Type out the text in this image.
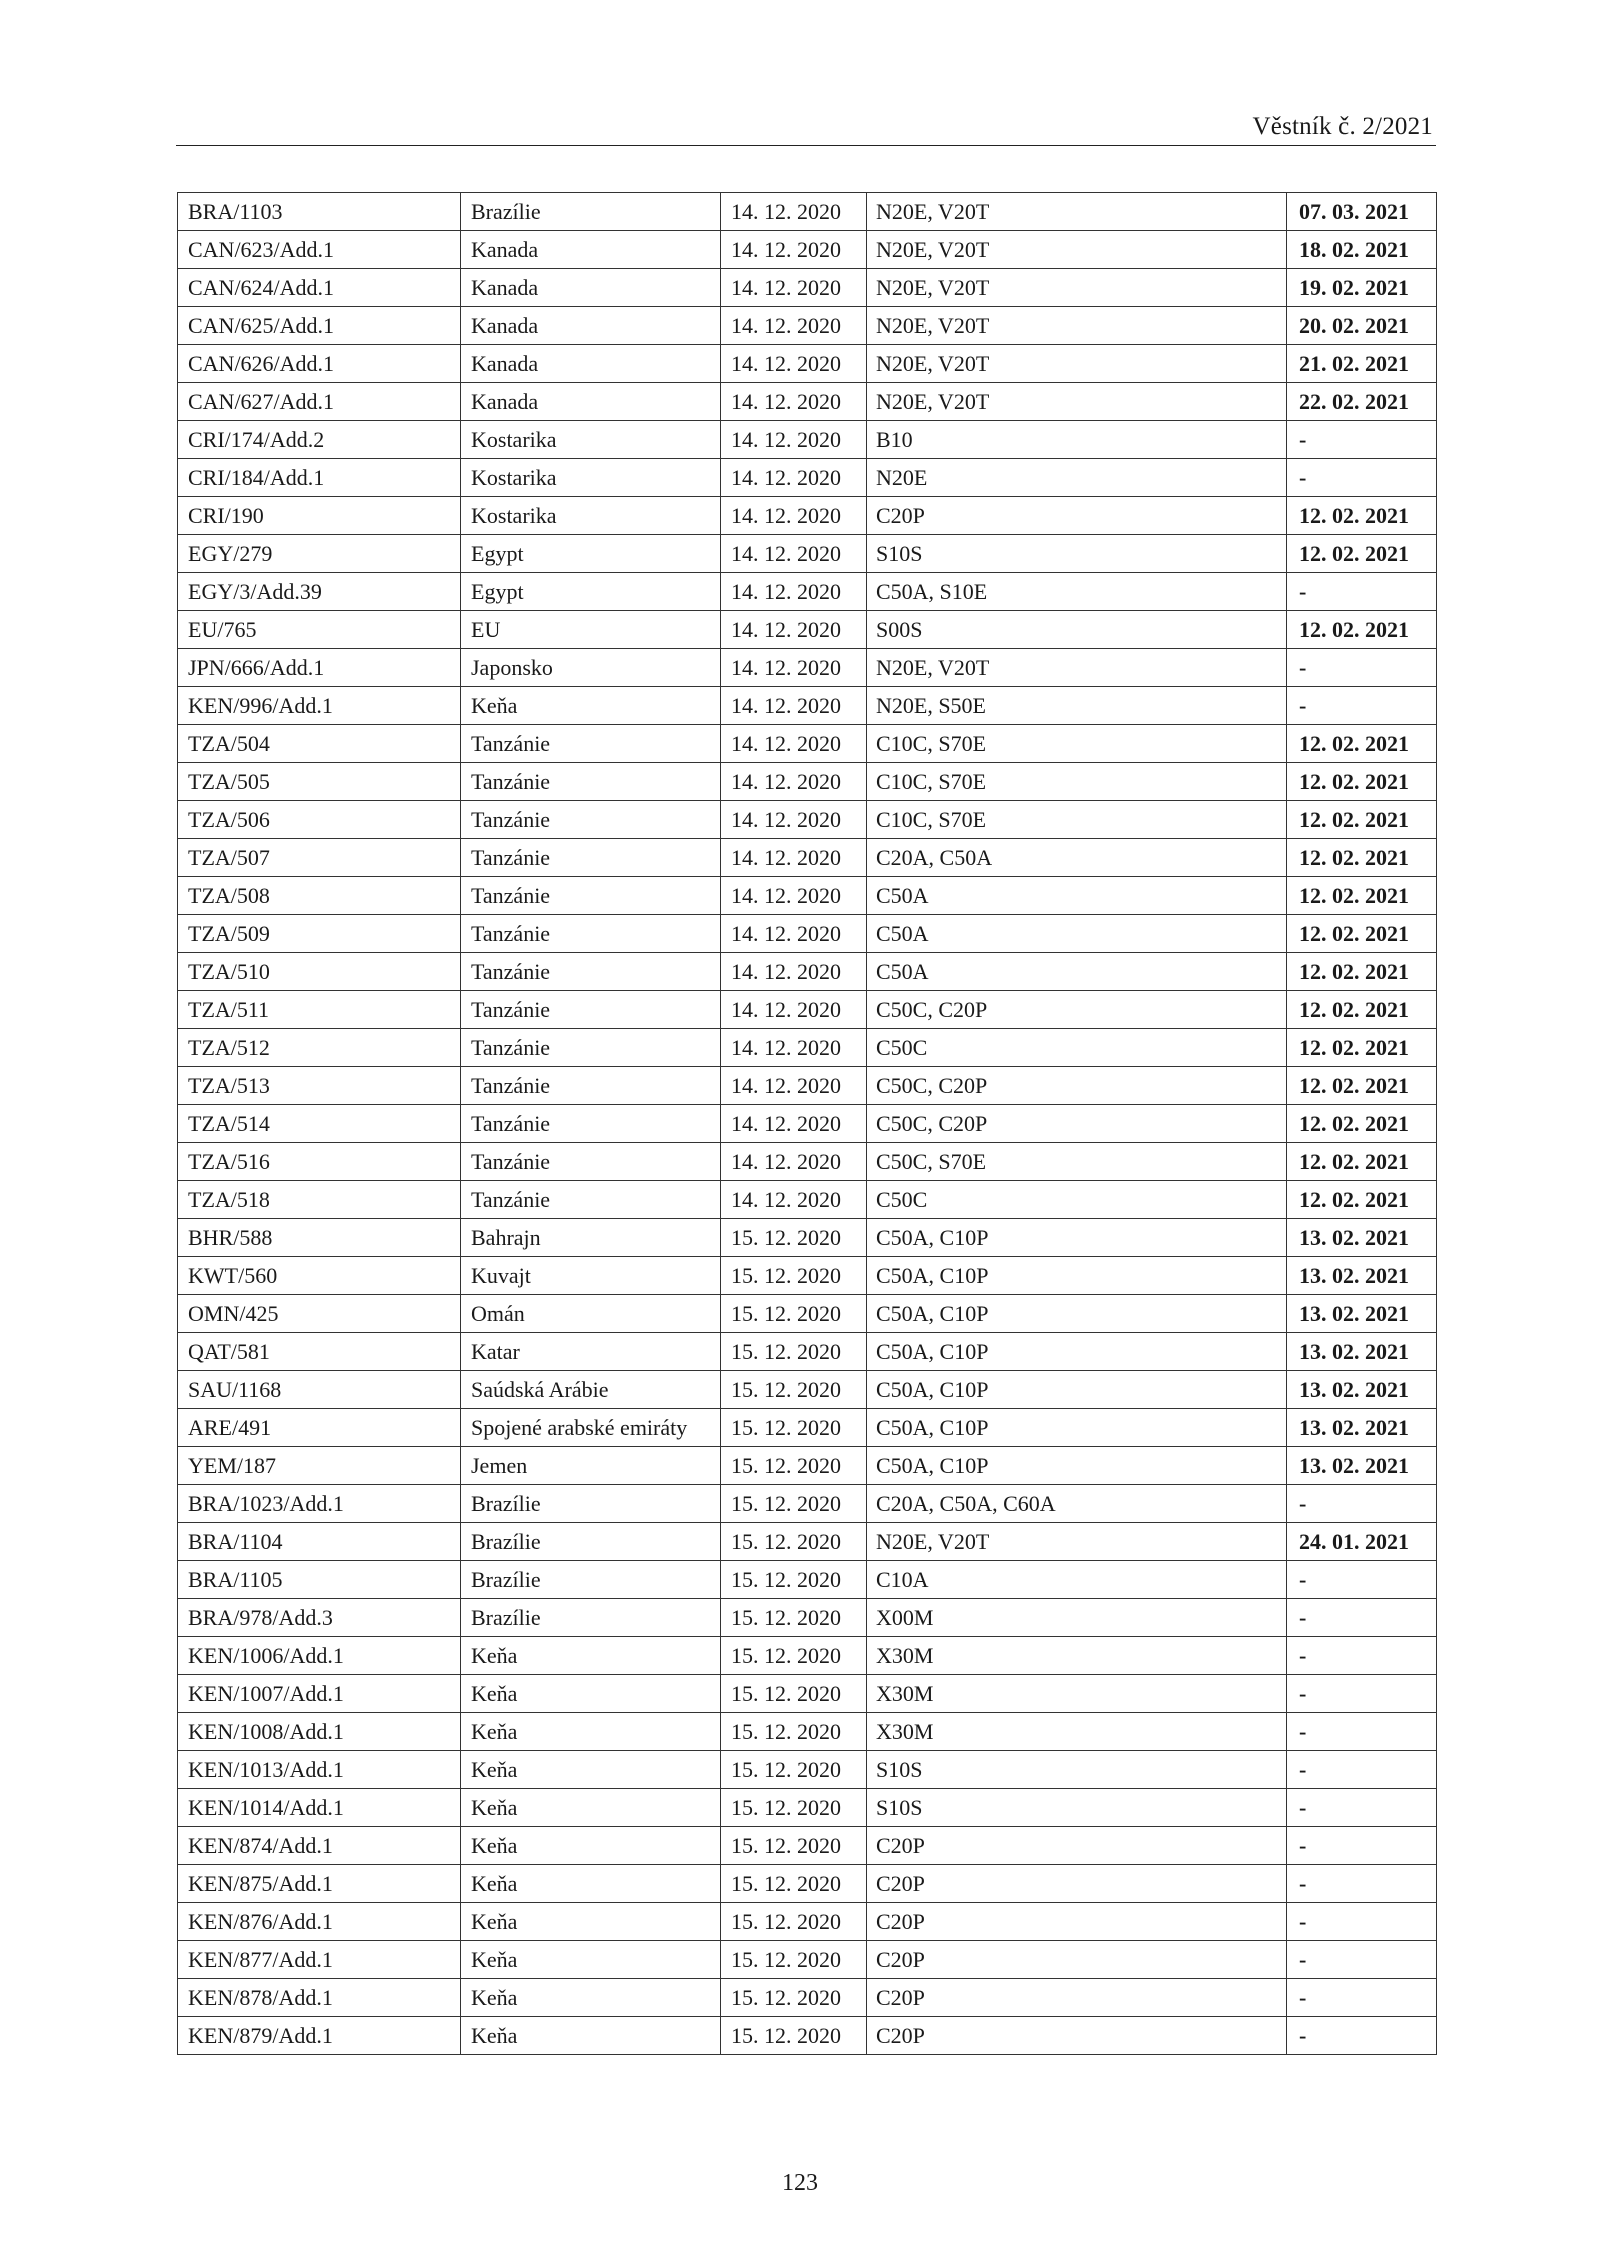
Věstník č. 2/2021
BRA/1103	Brazílie	14. 12. 2020	N20E, V20T	07. 03. 2021
CAN/623/Add.1	Kanada	14. 12. 2020	N20E, V20T	18. 02. 2021
CAN/624/Add.1	Kanada	14. 12. 2020	N20E, V20T	19. 02. 2021
CAN/625/Add.1	Kanada	14. 12. 2020	N20E, V20T	20. 02. 2021
CAN/626/Add.1	Kanada	14. 12. 2020	N20E, V20T	21. 02. 2021
CAN/627/Add.1	Kanada	14. 12. 2020	N20E, V20T	22. 02. 2021
CRI/174/Add.2	Kostarika	14. 12. 2020	B10	-
CRI/184/Add.1	Kostarika	14. 12. 2020	N20E	-
CRI/190	Kostarika	14. 12. 2020	C20P	12. 02. 2021
EGY/279	Egypt	14. 12. 2020	S10S	12. 02. 2021
EGY/3/Add.39	Egypt	14. 12. 2020	C50A, S10E	-
EU/765	EU	14. 12. 2020	S00S	12. 02. 2021
JPN/666/Add.1	Japonsko	14. 12. 2020	N20E, V20T	-
KEN/996/Add.1	Keňa	14. 12. 2020	N20E, S50E	-
TZA/504	Tanzánie	14. 12. 2020	C10C, S70E	12. 02. 2021
TZA/505	Tanzánie	14. 12. 2020	C10C, S70E	12. 02. 2021
TZA/506	Tanzánie	14. 12. 2020	C10C, S70E	12. 02. 2021
TZA/507	Tanzánie	14. 12. 2020	C20A, C50A	12. 02. 2021
TZA/508	Tanzánie	14. 12. 2020	C50A	12. 02. 2021
TZA/509	Tanzánie	14. 12. 2020	C50A	12. 02. 2021
TZA/510	Tanzánie	14. 12. 2020	C50A	12. 02. 2021
TZA/511	Tanzánie	14. 12. 2020	C50C, C20P	12. 02. 2021
TZA/512	Tanzánie	14. 12. 2020	C50C	12. 02. 2021
TZA/513	Tanzánie	14. 12. 2020	C50C, C20P	12. 02. 2021
TZA/514	Tanzánie	14. 12. 2020	C50C, C20P	12. 02. 2021
TZA/516	Tanzánie	14. 12. 2020	C50C, S70E	12. 02. 2021
TZA/518	Tanzánie	14. 12. 2020	C50C	12. 02. 2021
BHR/588	Bahrajn	15. 12. 2020	C50A, C10P	13. 02. 2021
KWT/560	Kuvajt	15. 12. 2020	C50A, C10P	13. 02. 2021
OMN/425	Omán	15. 12. 2020	C50A, C10P	13. 02. 2021
QAT/581	Katar	15. 12. 2020	C50A, C10P	13. 02. 2021
SAU/1168	Saúdská Arábie	15. 12. 2020	C50A, C10P	13. 02. 2021
ARE/491	Spojené arabské emiráty	15. 12. 2020	C50A, C10P	13. 02. 2021
YEM/187	Jemen	15. 12. 2020	C50A, C10P	13. 02. 2021
BRA/1023/Add.1	Brazílie	15. 12. 2020	C20A, C50A, C60A	-
BRA/1104	Brazílie	15. 12. 2020	N20E, V20T	24. 01. 2021
BRA/1105	Brazílie	15. 12. 2020	C10A	-
BRA/978/Add.3	Brazílie	15. 12. 2020	X00M	-
KEN/1006/Add.1	Keňa	15. 12. 2020	X30M	-
KEN/1007/Add.1	Keňa	15. 12. 2020	X30M	-
KEN/1008/Add.1	Keňa	15. 12. 2020	X30M	-
KEN/1013/Add.1	Keňa	15. 12. 2020	S10S	-
KEN/1014/Add.1	Keňa	15. 12. 2020	S10S	-
KEN/874/Add.1	Keňa	15. 12. 2020	C20P	-
KEN/875/Add.1	Keňa	15. 12. 2020	C20P	-
KEN/876/Add.1	Keňa	15. 12. 2020	C20P	-
KEN/877/Add.1	Keňa	15. 12. 2020	C20P	-
KEN/878/Add.1	Keňa	15. 12. 2020	C20P	-
KEN/879/Add.1	Keňa	15. 12. 2020	C20P	-
123
